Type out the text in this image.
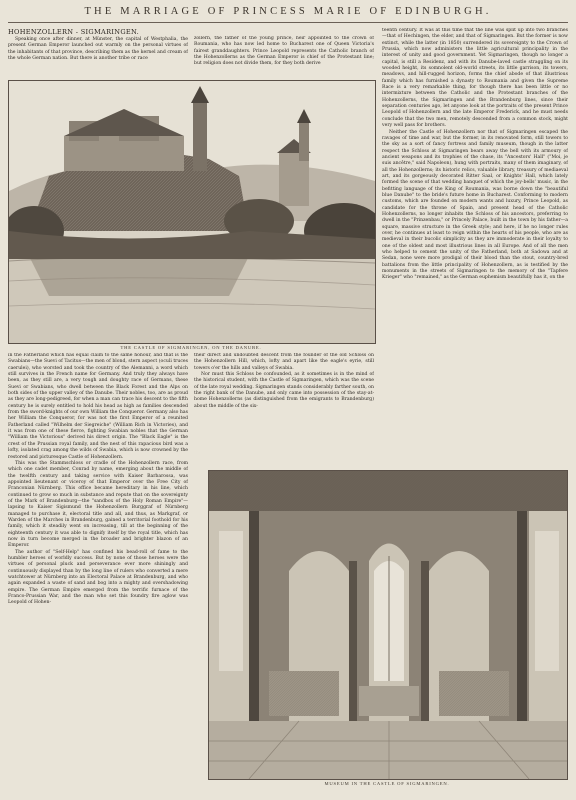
THE MARRIAGE OF PRINCESS MARIE OF EDINBURGH.
HOHENZOLLERN - SIGMARINGEN.

Speaking once after dinner, at Münster, the capital of Westphalia, the present German Emperor launched out warmly on the personal virtues of the inhabitants of that province, describing them as the kernel and cream of the whole German nation. But there is another tribe or race

zollern, the father of the young prince, heir appointed to the crown of Roumania, who has now led home to Bucharest one of Queen Victoria's fairest granddaughters. Prince Leopold represents the Catholic branch of the Hohenzollerns as the German Emperor is chief of the Protestant line; but religion does not divide them, for they both derive

THE CASTLE OF SIGMARINGEN, ON THE DANUBE.

teenth century. It was at this time that the line was split up into two branches—that of Hechingen, the elder, and that of Sigmaringen. But the former is now extinct, while the latter (in 1850) surrendered its sovereignty to the Crown of Prussia, which now administers the little agricultural principality in the interest of unity and good government. Yet Sigmaringen, though no longer a capital, is still a Residenz, and with its Danube-laved castle straggling on its wooded height, its somnolent old-world streets, its little garrison, its towers, meadows, and hill-rugged horizon, forms the chief abode of that illustrious family which has furnished a dynasty to Roumania and given the Supreme Race is a very remarkable thing, for though there has been little or no intermixture between the Catholic and the Protestant branches of the Hohenzollerns, the Sigmaringen and the Brandenburg lines, since their separation centuries ago, let anyone look at the portraits of the present Prince Leopold of Hohenzollern and the late Emperor Frederick, and he must needs conclude that the two men, remotely descended from a common stock, might very well pass for brothers.

Neither the Castle of Hohenzollern nor that of Sigmaringen escaped the ravages of time and war, but the former, in its renovated form, still towers to the sky as a sort of fancy fortress and family museum, though in the latter respect the Schloss at Sigmaringen bears away the bell with its armoury of ancient weapons and its trophies of the chase, its "Ancestors' Hall" ("Moi, je suis ancêtre," said Napoleon), hung with portraits, many of them imaginary, of all the Hohenzollerns; its historic relics, valuable library, treasury of mediaeval art, and its gorgeously decorated Ritter Saal, or Knights' Hall, which lately formed the scene of that wedding banquet of which the joy-bells' music, in the befitting language of the King of Roumania, was borne down the "beautiful blue Danube" to the bride's future home in Bucharest. Conforming to modern customs, which are founded on modern wants and luxury, Prince Leopold, as candidate for the throne of Spain, and present head of the Catholic Hohenzollerns, no longer inhabits the Schloss of his ancestors, preferring to dwell in the "Prinzenbau," or Princely Palace, built in the town by his father—a square, massive structure in the Greek style; and here, if he no longer rules over, he continues at least to reign within the hearts of his people, who are as medieval in their bucolic simplicity as they are immoderate in their loyalty to one of the oldest and most illustrious lines in all Europe. And of all the men who helped to cement the unity of the Fatherland, both at Sadowa and at Sedan, none were more prodigal of their blood than the stout, country-bred battalions from the little principality of Hohenzollern, as is testified by the monuments in the streets of Sigmaringen to the memory of the "Tapfere Krieger" who "remained," as the German euphemism beautifully has it, on the

in the Fatherland which has equal claim to the same honour, and that is the Swabians—the Suevi of Tacitus—the men of blond, stern aspect (oculi truces caerulei), who worsted and took the country of the Alemanni, a word which still survives in the French name for Germany. And truly they always have been, as they still are, a very tough and doughty race of Germans, these Suevi or Swabians, who dwell between the Black Forest and the Alps on both sides of the upper valley of the Danube. Their nobles, too, are as proud as they are long-pedigreed, for when a man can trace his descent to the fifth century he is surely entitled to hold his head as high as families descended from the sword-knights of our own William the Conqueror. Germany also has her William the Conqueror, for was not the first Emperor of a reunited Fatherland called "Wilhelm der Siegreiche" (William Rich in Victories), and it was from one of these fierce, fighting Swabian nobles that the German "William the Victorious" derived his direct origin. The "Black Eagle" is the crest of the Prussian royal family, and the nest of this rapacious bird was a lofty, isolated crag among the wilds of Swabia, which is now crowned by the restored and picturesque Castle of Hohenzollern.

This was the Stammschloss or cradle of the Hohenzollern race, from which one cadet member, Conrad by name, emerging about the middle of the twelfth century and taking service with Kaiser Barbarossa, was appointed lieutenant or viceroy of that Emperor over the Free City of Franconian Nürnberg. This office became hereditary in his line, which continued to grow so much in substance and repute that on the sovereignty of the Mark of Brandenburg—the "sandbox of the Holy Roman Empire"—lapsing to Kaiser Sigismund the Hohenzollern Burggraf of Nürnberg managed to purchase it, electoral title and all, and thus, as Markgraf, or Warden of the Marches in Brandenburg, gained a territorial foothold for his family, which it steadily went on increasing, till at the beginning of the eighteenth century it was able to dignify itself by the royal title, which has now in turn become merged in the broader and brighter blazon of an Emperor.

The author of "Self-Help" has confined his bead-roll of fame to the humbler heroes of worldly success. But by none of those heroes were the virtues of personal pluck and perseverance ever more shiningly and continuously displayed than by the long line of rulers who converted a mere watchtower at Nürnberg into an Electoral Palace at Brandenburg, and who again expanded a waste of sand and bog into a mighty and overshadowing empire. The German Empire emerged from the terrific furnace of the Franco-Prussian War, and the man who set this foundry fire aglow was Leopold of Hohen-

their direct and undoubted descent from the founder of the old Schloss on the Hohenzollern Hill, which, lofty and apart like the eagle's eyrie, still towers o'er the hills and valleys of Swabia.

Nor must this Schloss be confounded, as it sometimes is in the mind of the historical student, with the Castle of Sigmaringen, which was the scene of the late royal wedding. Sigmaringen stands considerably farther south, on the right bank of the Danube, and only came into possession of the stay-at-home Hohenzollerns (as distinguished from the emigrants to Brandenburg) about the middle of the six-

MUSEUM IN THE CASTLE OF SIGMARINGEN.
